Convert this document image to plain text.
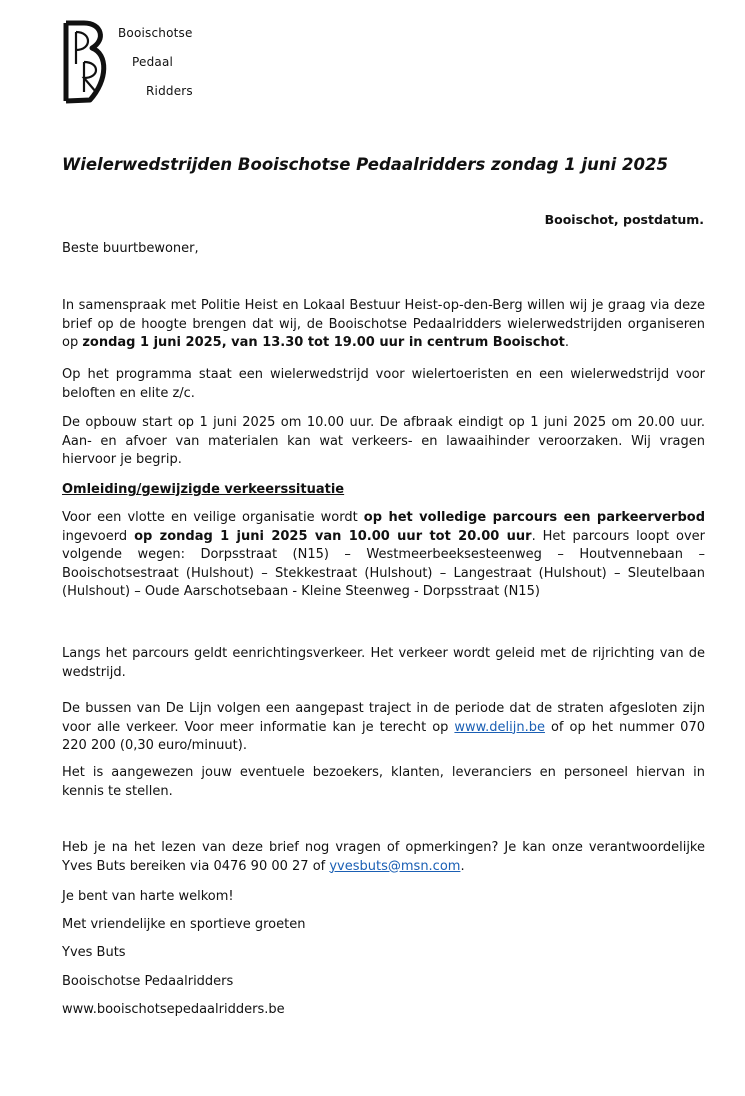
Booischotse
Pedaal
Ridders
Wielerwedstrijden Booischotse Pedaalridders zondag 1 juni 2025
Booischot, postdatum.
Beste buurtbewoner,
In samenspraak met Politie Heist en Lokaal Bestuur Heist-op-den-Berg willen wij je graag via deze brief op de hoogte brengen dat wij, de Booischotse Pedaalridders wielerwedstrijden organiseren op zondag 1 juni 2025, van 13.30 tot 19.00 uur in centrum Booischot.
Op het programma staat een wielerwedstrijd voor wielertoeristen en een wielerwedstrijd voor beloften en elite z/c.
De opbouw start op 1 juni 2025 om 10.00 uur. De afbraak eindigt op 1 juni 2025 om 20.00 uur. Aan- en afvoer van materialen kan wat verkeers- en lawaaihinder veroorzaken. Wij vragen hiervoor je begrip.
Omleiding/gewijzigde verkeerssituatie
Voor een vlotte en veilige organisatie wordt op het volledige parcours een parkeerverbod ingevoerd op zondag 1 juni 2025 van 10.00 uur tot 20.00 uur. Het parcours loopt over volgende wegen: Dorpsstraat (N15) – Westmeerbeeksesteenweg – Houtvennebaan – Booischotsestraat (Hulshout) – Stekkestraat (Hulshout) – Langestraat (Hulshout) – Sleutelbaan (Hulshout) – Oude Aarschotsebaan - Kleine Steenweg - Dorpsstraat (N15)
Langs het parcours geldt eenrichtingsverkeer. Het verkeer wordt geleid met de rijrichting van de wedstrijd.
De bussen van De Lijn volgen een aangepast traject in de periode dat de straten afgesloten zijn voor alle verkeer. Voor meer informatie kan je terecht op www.delijn.be of op het nummer 070 220 200 (0,30 euro/minuut).
Het is aangewezen jouw eventuele bezoekers, klanten, leveranciers en personeel hiervan in kennis te stellen.
Heb je na het lezen van deze brief nog vragen of opmerkingen? Je kan onze verantwoordelijke Yves Buts bereiken via 0476 90 00 27 of yvesbuts@msn.com.
Je bent van harte welkom!
Met vriendelijke en sportieve groeten
Yves Buts
Booischotse Pedaalridders
www.booischotsepedaalridders.be
